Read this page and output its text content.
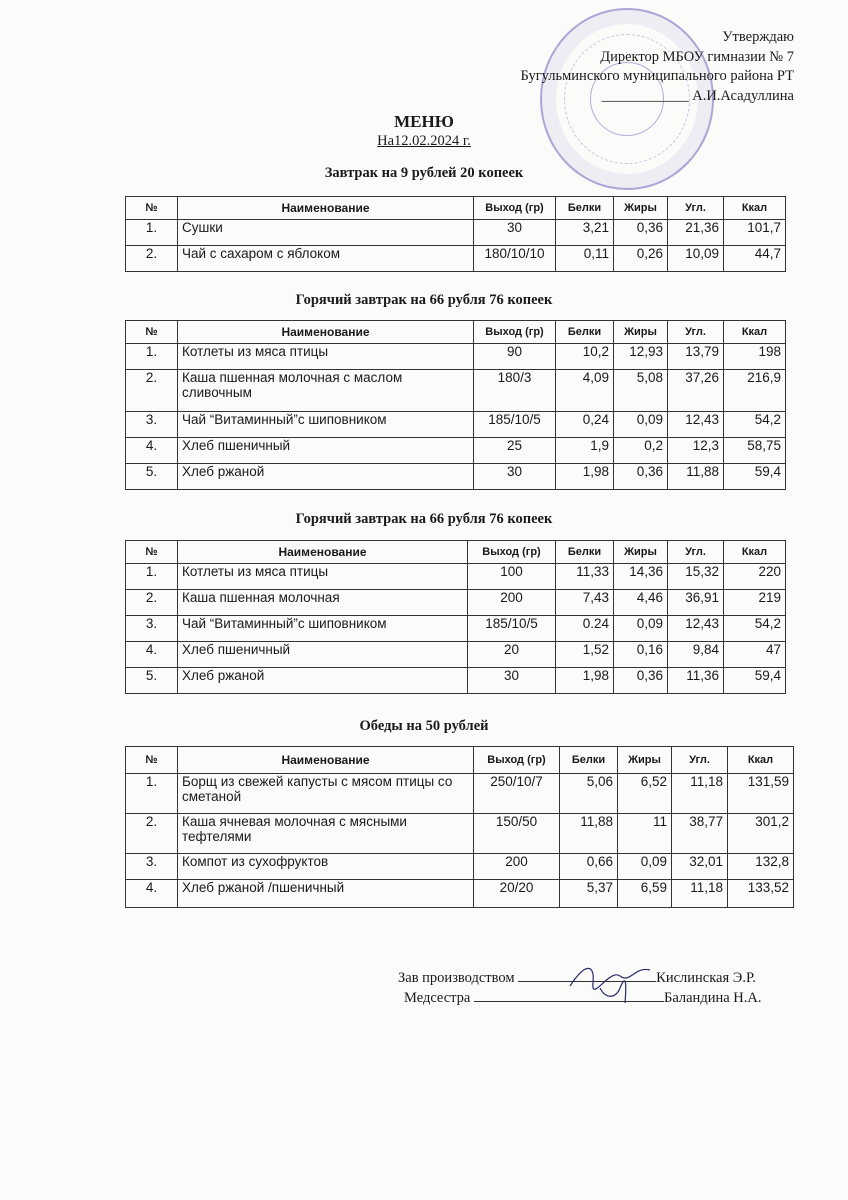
Утверждаю
Директор МБОУ гимназии № 7
Бугульминского муниципального района РТ
____________ А.И.Асадуллина
МЕНЮ
На12.02.2024 г.
Завтрак на 9 рублей 20 копеек
№	Наименование	Выход (гр)	Белки	Жиры	Угл.	Ккал
1.	Сушки	30	3,21	0,36	21,36	101,7
2.	Чай с сахаром с яблоком	180/10/10	0,11	0,26	10,09	44,7
Горячий завтрак на 66 рубля 76 копеек
№	Наименование	Выход (гр)	Белки	Жиры	Угл.	Ккал
1.	Котлеты из мяса птицы	90	10,2	12,93	13,79	198
2.	Каша пшенная молочная с маслом сливочным	180/3	4,09	5,08	37,26	216,9
3.	Чай “Витаминный”с шиповником	185/10/5	0,24	0,09	12,43	54,2
4.	Хлеб пшеничный	25	1,9	0,2	12,3	58,75
5.	Хлеб ржаной	30	1,98	0,36	11,88	59,4
Горячий завтрак на 66 рубля 76 копеек
№	Наименование	Выход (гр)	Белки	Жиры	Угл.	Ккал
1.	Котлеты из мяса птицы	100	11,33	14,36	15,32	220
2.	Каша пшенная молочная	200	7,43	4,46	36,91	219
3.	Чай “Витаминный”с шиповником	185/10/5	0.24	0,09	12,43	54,2
4.	Хлеб пшеничный	20	1,52	0,16	9,84	47
5.	Хлеб ржаной	30	1,98	0,36	11,36	59,4
Обеды на 50 рублей
№	Наименование	Выход (гр)	Белки	Жиры	Угл.	Ккал
1.	Борщ из свежей капусты с мясом птицы со сметаной	250/10/7	5,06	6,52	11,18	131,59
2.	Каша ячневая молочная с мясными тефтелями	150/50	11,88	11	38,77	301,2
3.	Компот из сухофруктов	200	0,66	0,09	32,01	132,8
4.	Хлеб ржаной /пшеничный	20/20	5,37	6,59	11,18	133,52
Зав производством	Кислинская Э.Р.
Медсестра	Баландина Н.А.
